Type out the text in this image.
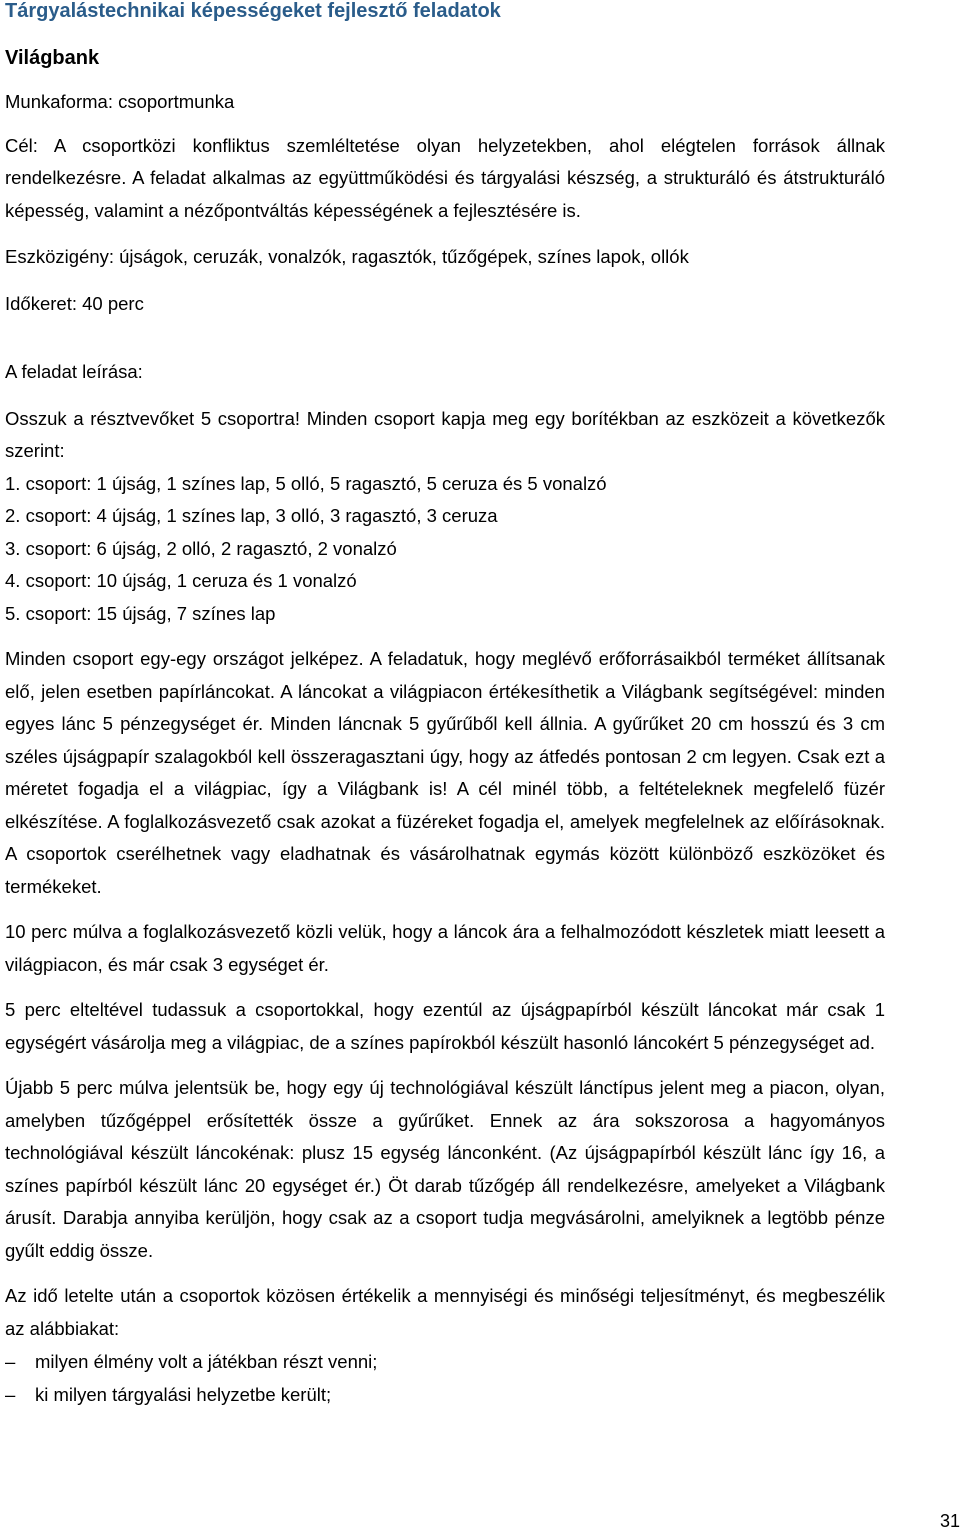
Tárgyalástechnikai képességeket fejlesztő feladatok
Világbank

Munkaforma: csoportmunka

Cél: A csoportközi konfliktus szemléltetése olyan helyzetekben, ahol elégtelen források állnak rendelkezésre. A feladat alkalmas az együttműködési és tárgyalási készség, a strukturáló és átstrukturáló képesség, valamint a nézőpontváltás képességének a fejlesztésére is.

Eszközigény: újságok, ceruzák, vonalzók, ragasztók, tűzőgépek, színes lapok, ollók

Időkeret: 40 perc

A feladat leírása:

Osszuk a résztvevőket 5 csoportra! Minden csoport kapja meg egy borítékban az eszközeit a következők szerint:

1. csoport: 1 újság, 1 színes lap, 5 olló, 5 ragasztó, 5 ceruza és 5 vonalzó
2. csoport: 4 újság, 1 színes lap, 3 olló, 3 ragasztó, 3 ceruza
3. csoport: 6 újság, 2 olló, 2 ragasztó, 2 vonalzó
4. csoport: 10 újság, 1 ceruza és 1 vonalzó
5. csoport: 15 újság, 7 színes lap

Minden csoport egy-egy országot jelképez. A feladatuk, hogy meglévő erőforrásaikból terméket állítsanak elő, jelen esetben papírláncokat. A láncokat a világpiacon értékesíthetik a Világbank segítségével: minden egyes lánc 5 pénzegységet ér. Minden láncnak 5 gyűrűből kell állnia. A gyűrűket 20 cm hosszú és 3 cm széles újságpapír szalagokból kell összeragasztani úgy, hogy az átfedés pontosan 2 cm legyen. Csak ezt a méretet fogadja el a világpiac, így a Világbank is! A cél minél több, a feltételeknek megfelelő füzér elkészítése. A foglalkozásvezető csak azokat a füzéreket fogadja el, amelyek megfelelnek az előírásoknak. A csoportok cserélhetnek vagy eladhatnak és vásárolhatnak egymás között különböző eszközöket és termékeket.

10 perc múlva a foglalkozásvezető közli velük, hogy a láncok ára a felhalmozódott készletek miatt leesett a világpiacon, és már csak 3 egységet ér.

5 perc elteltével tudassuk a csoportokkal, hogy ezentúl az újságpapírból készült láncokat már csak 1 egységért vásárolja meg a világpiac, de a színes papírokból készült hasonló láncokért 5 pénzegységet ad.

Újabb 5 perc múlva jelentsük be, hogy egy új technológiával készült lánctípus jelent meg a piacon, olyan, amelyben tűzőgéppel erősítették össze a gyűrűket. Ennek az ára sokszorosa a hagyományos technológiával készült láncokénak: plusz 15 egység lánconként. (Az újságpapírból készült lánc így 16, a színes papírból készült lánc 20 egységet ér.) Öt darab tűzőgép áll rendelkezésre, amelyeket a Világbank árusít. Darabja annyiba kerüljön, hogy csak az a csoport tudja megvásárolni, amelyiknek a legtöbb pénze gyűlt eddig össze.

Az idő letelte után a csoportok közösen értékelik a mennyiségi és minőségi teljesítményt, és megbeszélik az alábbiakat:

– milyen élmény volt a játékban részt venni;
– ki milyen tárgyalási helyzetbe került;
31
